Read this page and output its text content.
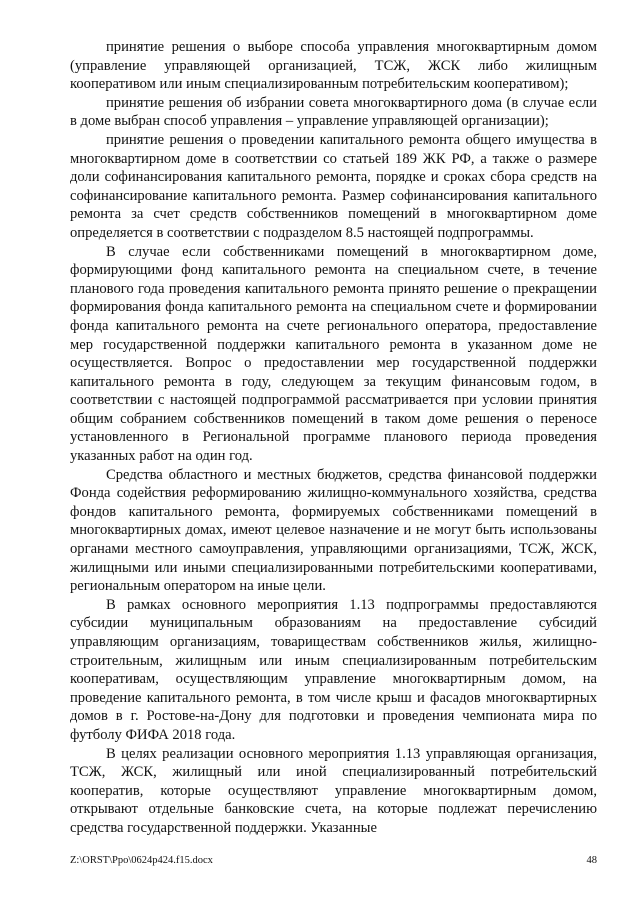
принятие решения о выборе способа управления многоквартирным домом (управление управляющей организацией, ТСЖ, ЖСК либо жилищным кооперативом или иным специализированным потребительским кооперативом);

принятие решения об избрании совета многоквартирного дома (в случае если в доме выбран способ управления – управление управляющей организации);

принятие решения о проведении капитального ремонта общего имущества в многоквартирном доме в соответствии со статьей 189 ЖК РФ, а также о размере доли софинансирования капитального ремонта, порядке и сроках сбора средств на софинансирование капитального ремонта. Размер софинансирования капитального ремонта за счет средств собственников помещений в многоквартирном доме определяется в соответствии с подразделом 8.5 настоящей подпрограммы.

В случае если собственниками помещений в многоквартирном доме, формирующими фонд капитального ремонта на специальном счете, в течение планового года проведения капитального ремонта принято решение о прекращении формирования фонда капитального ремонта на специальном счете и формировании фонда капитального ремонта на счете регионального оператора, предоставление мер государственной поддержки капитального ремонта в указанном доме не осуществляется. Вопрос о предоставлении мер государственной поддержки капитального ремонта в году, следующем за текущим финансовым годом, в соответствии с настоящей подпрограммой рассматривается при условии принятия общим собранием собственников помещений в таком доме решения о переносе установленного в Региональной программе планового периода проведения указанных работ на один год.

Средства областного и местных бюджетов, средства финансовой поддержки Фонда содействия реформированию жилищно-коммунального хозяйства, средства фондов капитального ремонта, формируемых собственниками помещений в многоквартирных домах, имеют целевое назначение и не могут быть использованы органами местного самоуправления, управляющими организациями, ТСЖ, ЖСК, жилищными или иными специализированными потребительскими кооперативами, региональным оператором на иные цели.

В рамках основного мероприятия 1.13 подпрограммы предоставляются субсидии муниципальным образованиям на предоставление субсидий управляющим организациям, товариществам собственников жилья, жилищно-строительным, жилищным или иным специализированным потребительским кооперативам, осуществляющим управление многоквартирным домом, на проведение капитального ремонта, в том числе крыш и фасадов многоквартирных домов в г. Ростове-на-Дону для подготовки и проведения чемпионата мира по футболу ФИФА 2018 года.

В целях реализации основного мероприятия 1.13 управляющая организация, ТСЖ, ЖСК, жилищный или иной специализированный потребительский кооператив, которые осуществляют управление многоквартирным домом, открывают отдельные банковские счета, на которые подлежат перечислению средства государственной поддержки. Указанные

Z:\ORST\Ppo\0624p424.f15.docx	48
